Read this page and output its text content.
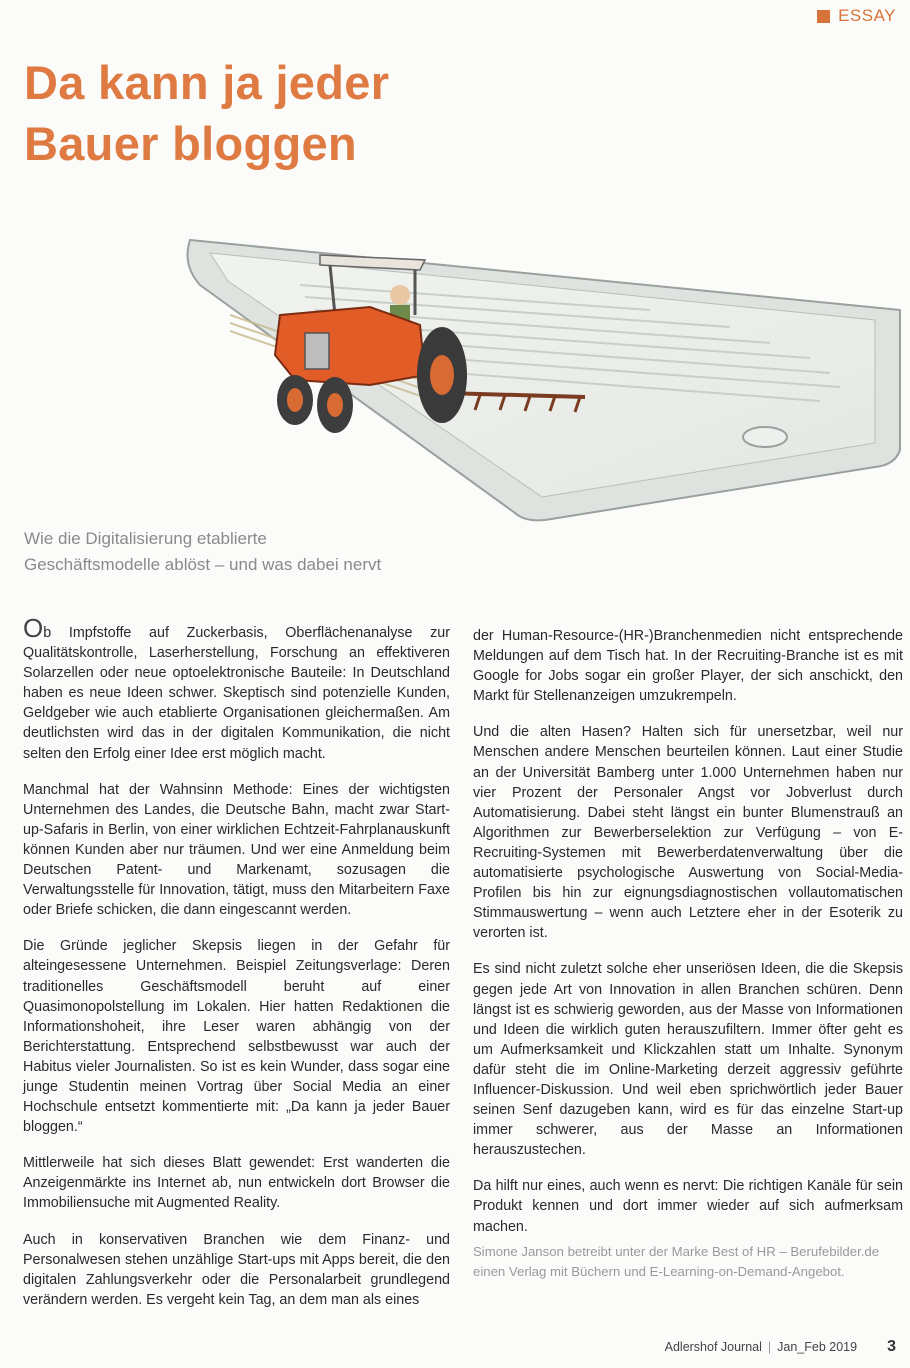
ESSAY
Da kann ja jeder
Bauer bloggen
Wie die Digitalisierung etablierte
Geschäftsmodelle ablöst – und was dabei nervt

Ob Impfstoffe auf Zuckerbasis, Oberflächenanalyse zur Qualitätskontrolle, Laserherstellung, Forschung an effektiveren Solarzellen oder neue optoelektronische Bauteile: In Deutschland haben es neue Ideen schwer. Skeptisch sind potenzielle Kunden, Geldgeber wie auch etablierte Organisationen gleichermaßen. Am deutlichsten wird das in der digitalen Kommunikation, die nicht selten den Erfolg einer Idee erst möglich macht.

Manchmal hat der Wahnsinn Methode: Eines der wichtigsten Unternehmen des Landes, die Deutsche Bahn, macht zwar Start-up-Safaris in Berlin, von einer wirklichen Echtzeit-Fahrplanauskunft können Kunden aber nur träumen. Und wer eine Anmeldung beim Deutschen Patent- und Markenamt, sozusagen die Verwaltungsstelle für Innovation, tätigt, muss den Mitarbeitern Faxe oder Briefe schicken, die dann eingescannt werden.

Die Gründe jeglicher Skepsis liegen in der Gefahr für alteingesessene Unternehmen. Beispiel Zeitungsverlage: Deren traditionelles Geschäftsmodell beruht auf einer Quasimonopolstellung im Lokalen. Hier hatten Redaktionen die Informationshoheit, ihre Leser waren abhängig von der Berichterstattung. Entsprechend selbstbewusst war auch der Habitus vieler Journalisten. So ist es kein Wunder, dass sogar eine junge Studentin meinen Vortrag über Social Media an einer Hochschule entsetzt kommentierte mit: „Da kann ja jeder Bauer bloggen.“

Mittlerweile hat sich dieses Blatt gewendet: Erst wanderten die Anzeigenmärkte ins Internet ab, nun entwickeln dort Browser die Immobiliensuche mit Augmented Reality.

Auch in konservativen Branchen wie dem Finanz- und Personalwesen stehen unzählige Start-ups mit Apps bereit, die den digitalen Zahlungsverkehr oder die Personalarbeit grundlegend verändern werden. Es vergeht kein Tag, an dem man als eines

der Human-Resource-(HR-)Branchenmedien nicht entsprechende Meldungen auf dem Tisch hat. In der Recruiting-Branche ist es mit Google for Jobs sogar ein großer Player, der sich anschickt, den Markt für Stellenanzeigen umzukrempeln.

Und die alten Hasen? Halten sich für unersetzbar, weil nur Menschen andere Menschen beurteilen können. Laut einer Studie an der Universität Bamberg unter 1.000 Unternehmen haben nur vier Prozent der Personaler Angst vor Jobverlust durch Automatisierung. Dabei steht längst ein bunter Blumenstrauß an Algorithmen zur Bewerberselektion zur Verfügung – von E-Recruiting-Systemen mit Bewerberdatenverwaltung über die automatisierte psychologische Auswertung von Social-Media-Profilen bis hin zur eignungsdiagnostischen vollautomatischen Stimmauswertung – wenn auch Letztere eher in der Esoterik zu verorten ist.

Es sind nicht zuletzt solche eher unseriösen Ideen, die die Skepsis gegen jede Art von Innovation in allen Branchen schüren. Denn längst ist es schwierig geworden, aus der Masse von Informationen und Ideen die wirklich guten herauszufiltern. Immer öfter geht es um Aufmerksamkeit und Klickzahlen statt um Inhalte. Synonym dafür steht die im Online-Marketing derzeit aggressiv geführte Influencer-Diskussion. Und weil eben sprichwörtlich jeder Bauer seinen Senf dazugeben kann, wird es für das einzelne Start-up immer schwerer, aus der Masse an Informationen herauszustechen.

Da hilft nur eines, auch wenn es nervt: Die richtigen Kanäle für sein Produkt kennen und dort immer wieder auf sich aufmerksam machen.

Simone Janson betreibt unter der Marke Best of HR – Berufebilder.de einen Verlag mit Büchern und E-Learning-on-Demand-Angebot.
Adlershof Journal | Jan_Feb 2019 3
